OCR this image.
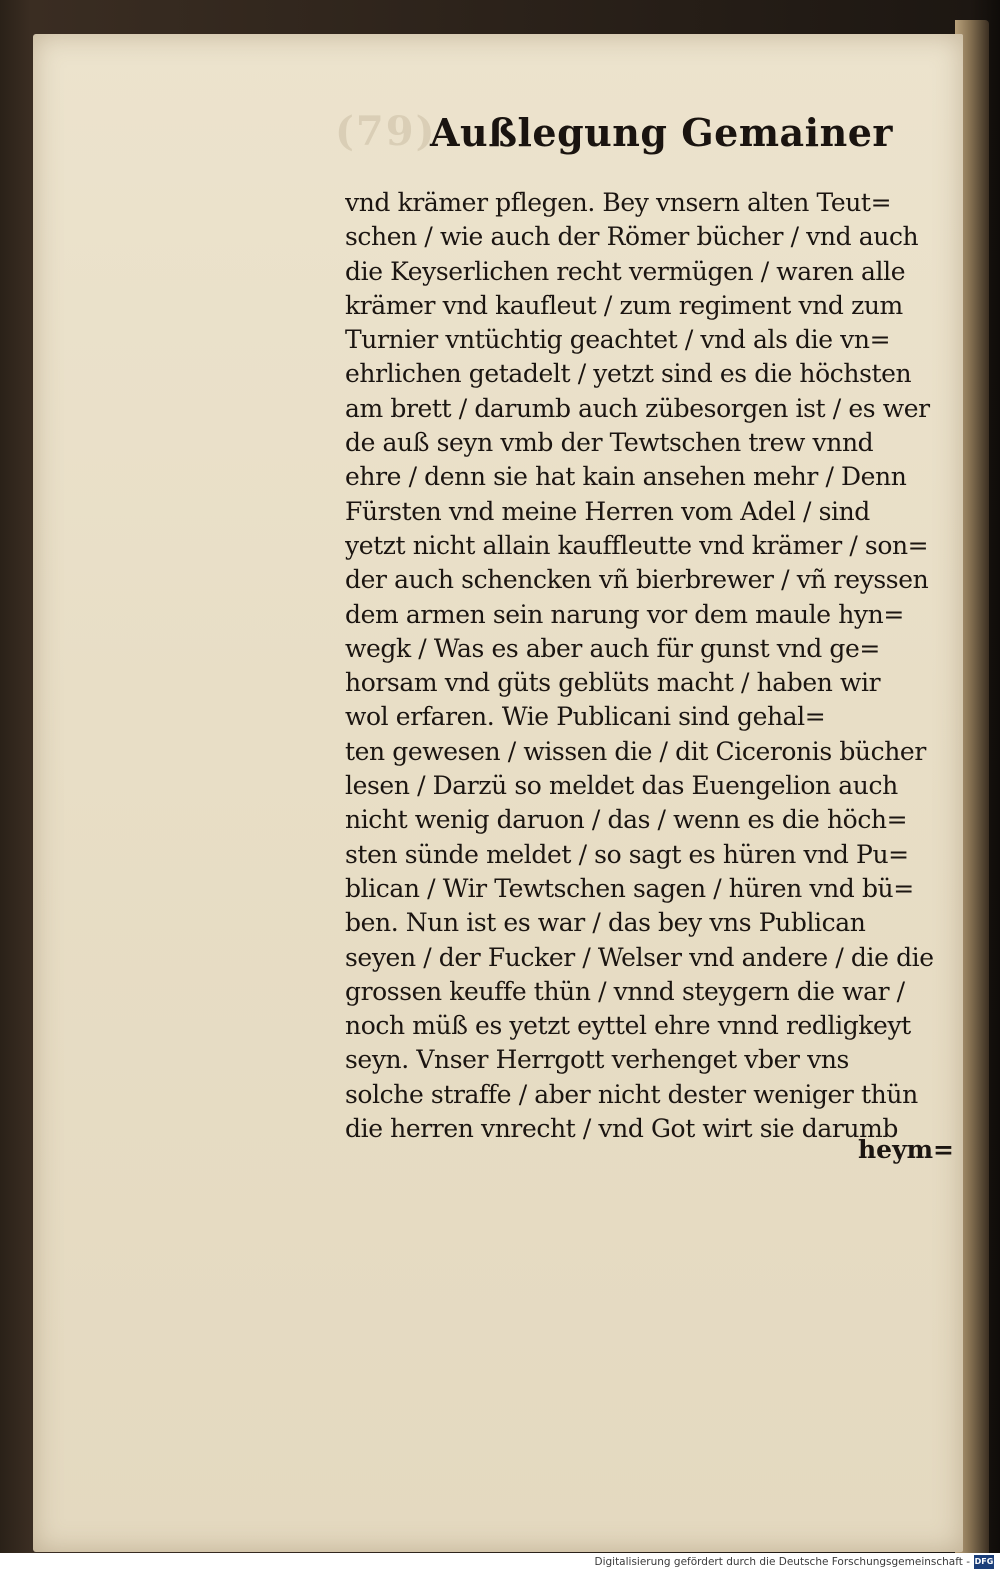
(79)
Außlegung Gemainer
vnd krämer pflegen. Bey vnsern alten Teut=
schen / wie auch der Römer bücher / vnd auch
die Keyserlichen recht vermügen / waren alle
krämer vnd kaufleut / zum regiment vnd zum
Turnier vntüchtig geachtet / vnd als die vn=
ehrlichen getadelt / yetzt sind es die höchsten
am brett / darumb auch zübesorgen ist / es wer
de auß seyn vmb der Tewtschen trew vnnd
ehre / denn sie hat kain ansehen mehr / Denn
Fürsten vnd meine Herren vom Adel / sind
yetzt nicht allain kauffleutte vnd krämer / son=
der auch schencken vñ bierbrewer / vñ reyssen
dem armen sein narung vor dem maule hyn=
wegk / Was es aber auch für gunst vnd ge=
horsam vnd güts geblüts macht / haben wir
wol erfaren. Wie Publicani sind gehal=
ten gewesen / wissen die / dit Ciceronis bücher
lesen / Darzü so meldet das Euengelion auch
nicht wenig daruon / das / wenn es die höch=
sten sünde meldet / so sagt es hüren vnd Pu=
blican / Wir Tewtschen sagen / hüren vnd bü=
ben. Nun ist es war / das bey vns Publican
seyen / der Fucker / Welser vnd andere / die die
grossen keuffe thün / vnnd steygern die war /
noch müß es yetzt eyttel ehre vnnd redligkeyt
seyn. Vnser Herrgott verhenget vber vns
solche straffe / aber nicht dester weniger thün
die herren vnrecht / vnd Got wirt sie darumb
heym=
Digitalisierung gefördert durch die Deutsche Forschungsgemeinschaft - DFG
